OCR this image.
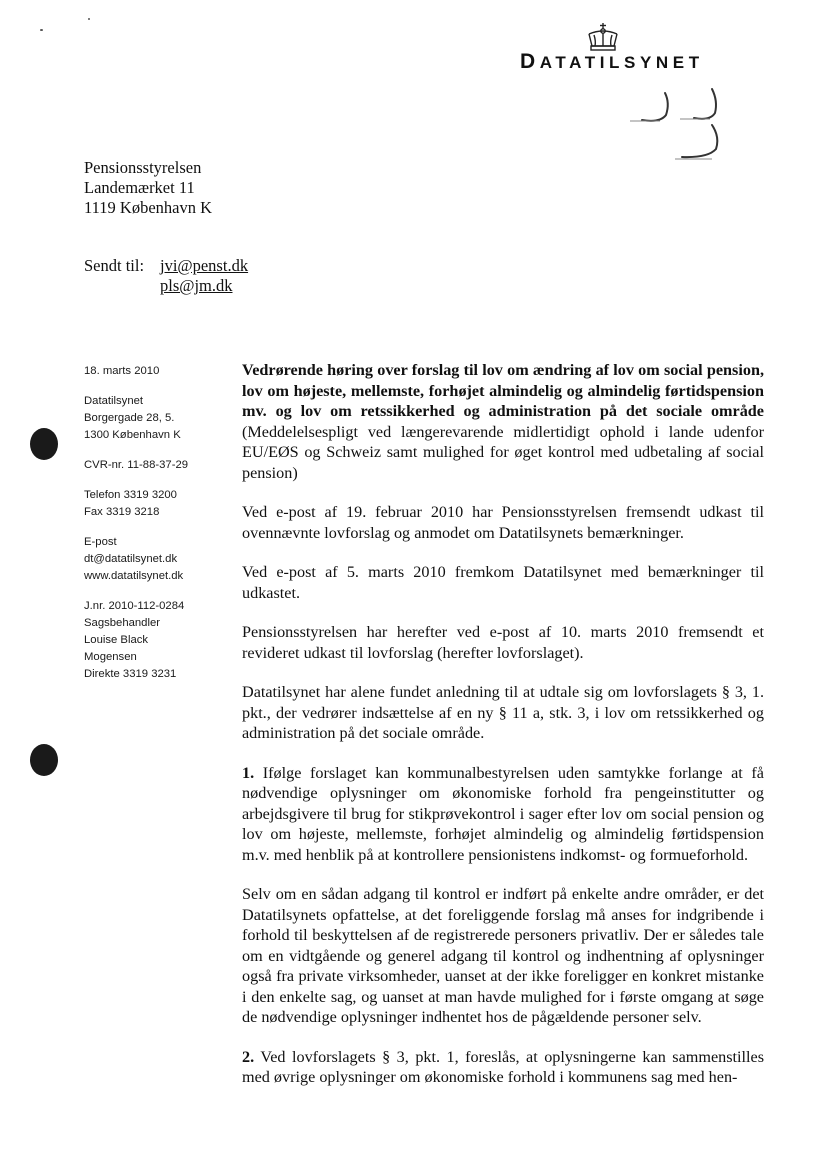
DATATILSYNET
Pensionsstyrelsen
Landemærket 11
1119 København K
Sendt til: jvi@penst.dk
pls@jm.dk
18. marts 2010
Datatilsynet
Borgergade 28, 5.
1300 København K
CVR-nr. 11-88-37-29
Telefon 3319 3200
Fax 3319 3218
E-post
dt@datatilsynet.dk
www.datatilsynet.dk
J.nr. 2010-112-0284
Sagsbehandler
Louise Black
Mogensen
Direkte 3319 3231

Vedrørende høring over forslag til lov om ændring af lov om social pension, lov om højeste, mellemste, forhøjet almindelig og almindelig førtidspension mv. og lov om retssikkerhed og administration på det sociale område (Meddelelsespligt ved længerevarende midlertidigt ophold i lande udenfor EU/EØS og Schweiz samt mulighed for øget kontrol med udbetaling af social pension)

Ved e-post af 19. februar 2010 har Pensionsstyrelsen fremsendt udkast til ovennævnte lovforslag og anmodet om Datatilsynets bemærkninger.

Ved e-post af 5. marts 2010 fremkom Datatilsynet med bemærkninger til udkastet.

Pensionsstyrelsen har herefter ved e-post af 10. marts 2010 fremsendt et revideret udkast til lovforslag (herefter lovforslaget).

Datatilsynet har alene fundet anledning til at udtale sig om lovforslagets § 3, 1. pkt., der vedrører indsættelse af en ny § 11 a, stk. 3, i lov om retssikkerhed og administration på det sociale område.

1. Ifølge forslaget kan kommunalbestyrelsen uden samtykke forlange at få nødvendige oplysninger om økonomiske forhold fra pengeinstitutter og arbejdsgivere til brug for stikprøvekontrol i sager efter lov om social pension og lov om højeste, mellemste, forhøjet almindelig og almindelig førtidspension m.v. med henblik på at kontrollere pensionistens indkomst- og formueforhold.

Selv om en sådan adgang til kontrol er indført på enkelte andre områder, er det Datatilsynets opfattelse, at det foreliggende forslag må anses for indgribende i forhold til beskyttelsen af de registrerede personers privatliv. Der er således tale om en vidtgående og generel adgang til kontrol og indhentning af oplysninger også fra private virksomheder, uanset at der ikke foreligger en konkret mistanke i den enkelte sag, og uanset at man havde mulighed for i første omgang at søge de nødvendige oplysninger indhentet hos de pågældende personer selv.

2. Ved lovforslagets § 3, pkt. 1, foreslås, at oplysningerne kan sammenstilles med øvrige oplysninger om økonomiske forhold i kommunens sag med hen-
